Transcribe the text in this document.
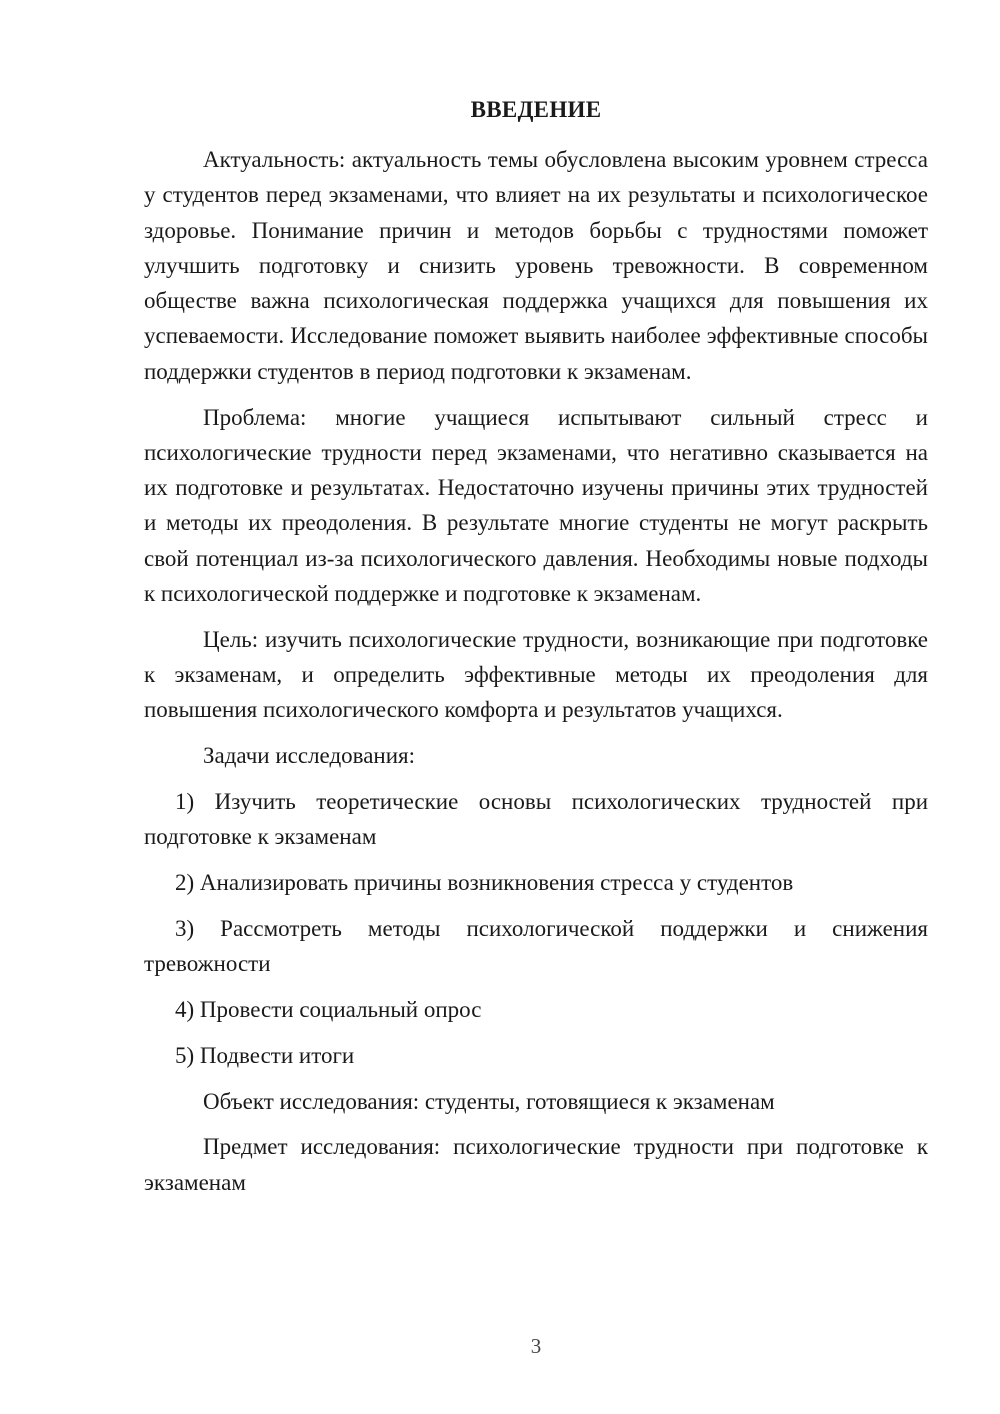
ВВЕДЕНИЕ

Актуальность: актуальность темы обусловлена высоким уровнем стресса у студентов перед экзаменами, что влияет на их результаты и психологическое здоровье. Понимание причин и методов борьбы с трудностями поможет улучшить подготовку и снизить уровень тревожности. В современном обществе важна психологическая поддержка учащихся для повышения их успеваемости. Исследование поможет выявить наиболее эффективные способы поддержки студентов в период подготовки к экзаменам.

Проблема: многие учащиеся испытывают сильный стресс и психологические трудности перед экзаменами, что негативно сказывается на их подготовке и результатах. Недостаточно изучены причины этих трудностей и методы их преодоления. В результате многие студенты не могут раскрыть свой потенциал из-за психологического давления. Необходимы новые подходы к психологической поддержке и подготовке к экзаменам.

Цель: изучить психологические трудности, возникающие при подготовке к экзаменам, и определить эффективные методы их преодоления для повышения психологического комфорта и результатов учащихся.

Задачи исследования:

1) Изучить теоретические основы психологических трудностей при подготовке к экзаменам

2) Анализировать причины возникновения стресса у студентов

3) Рассмотреть методы психологической поддержки и снижения тревожности

4) Провести социальный опрос

5) Подвести итоги

Объект исследования: студенты, готовящиеся к экзаменам

Предмет исследования: психологические трудности при подготовке к экзаменам

3
